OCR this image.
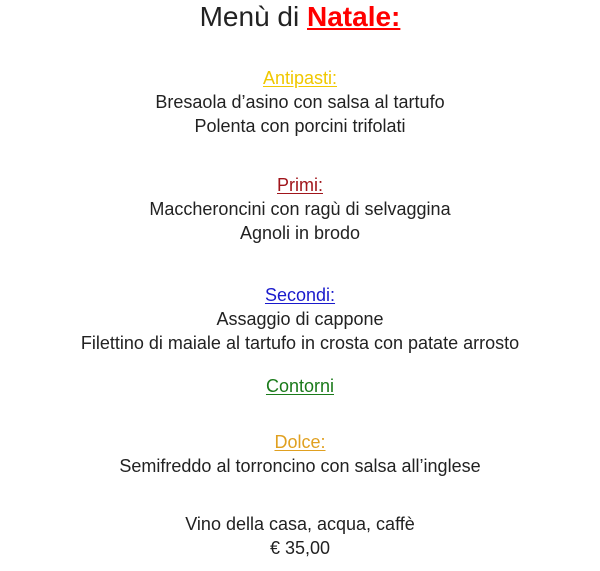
Menù di Natale:
Antipasti:
Bresaola d’asino con salsa al tartufo
Polenta con porcini trifolati
Primi:
Maccheroncini con ragù di selvaggina
Agnoli in brodo
Secondi:
Assaggio di cappone
Filettino di maiale al tartufo in crosta con patate arrosto
Contorni
Dolce:
Semifreddo al torroncino con salsa all’inglese
Vino della casa, acqua, caffè
€ 35,00
